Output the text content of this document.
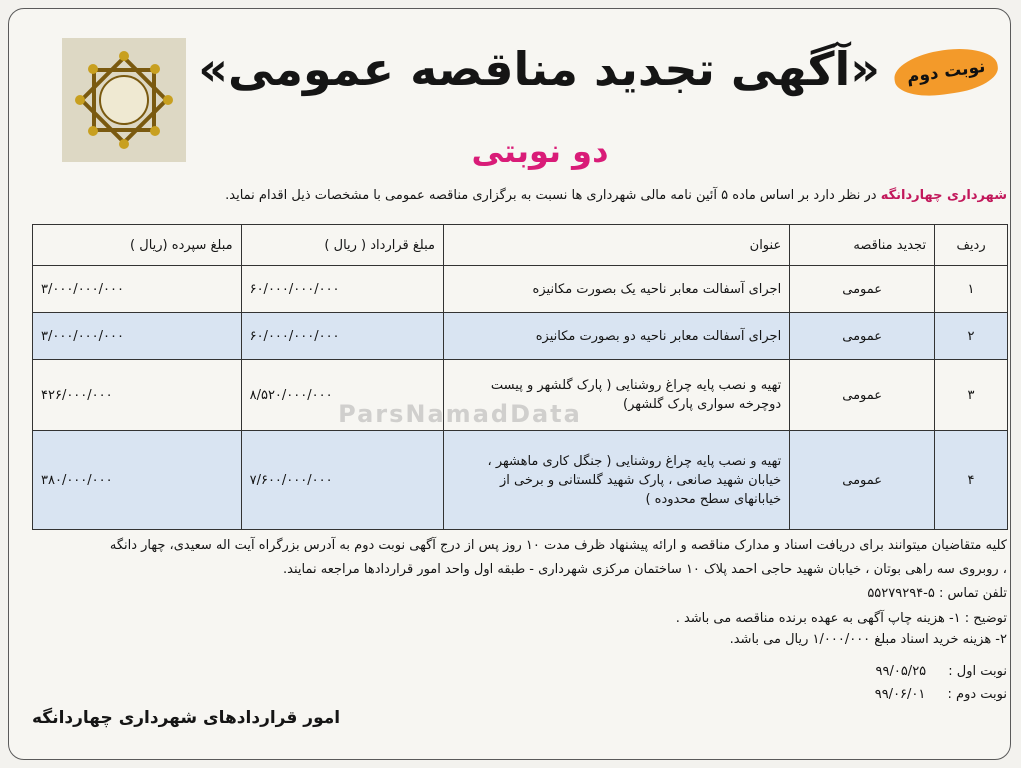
نوبت دوم
«آگهی تجدید مناقصه عمومی»
دو نوبتی
شهرداری چهاردانگه در نظر دارد بر اساس ماده ۵ آئین نامه مالی شهرداری ها نسبت به برگزاری مناقصه عمومی با مشخصات ذیل اقدام نماید.
ردیف	تجدید مناقصه	عنوان	مبلغ قرارداد ( ریال )	مبلغ سپرده (ریال )
۱	عمومی	اجرای آسفالت معابر ناحیه یک بصورت مکانیزه	۶۰/۰۰۰/۰۰۰/۰۰۰	۳/۰۰۰/۰۰۰/۰۰۰
۲	عمومی	اجرای آسفالت معابر ناحیه دو بصورت مکانیزه	۶۰/۰۰۰/۰۰۰/۰۰۰	۳/۰۰۰/۰۰۰/۰۰۰
۳	عمومی	تهیه و نصب پایه چراغ روشنایی ( پارک گلشهر و پیست دوچرخه سواری پارک گلشهر)	۸/۵۲۰/۰۰۰/۰۰۰	۴۲۶/۰۰۰/۰۰۰
۴	عمومی	تهیه و نصب پایه چراغ روشنایی ( جنگل کاری ماهشهر ، خیابان شهید صانعی ، پارک شهید گلستانی و برخی از خیابانهای سطح محدوده )	۷/۶۰۰/۰۰۰/۰۰۰	۳۸۰/۰۰۰/۰۰۰
ParsNamadData

کلیه متقاضیان میتوانند برای دریافت اسناد و مدارک مناقصه و ارائه پیشنهاد ظرف مدت ۱۰ روز پس از درج آگهی نوبت دوم به آدرس بزرگراه آیت اله سعیدی، چهار دانگه

، روبروی سه راهی بوتان ، خیابان شهید حاجی احمد پلاک ۱۰ ساختمان مرکزی شهرداری - طبقه اول واحد امور قراردادها مراجعه نمایند.

تلفن تماس : ۵-۵۵۲۷۹۲۹۴

توضیح : ۱- هزینه چاپ آگهی به عهده برنده مناقصه می باشد .

۲- هزینه خرید اسناد مبلغ ۱/۰۰۰/۰۰۰ ریال می باشد.

نوبت اول : ۹۹/۰۵/۲۵

نوبت دوم : ۹۹/۰۶/۰۱

امور قراردادهای شهرداری چهاردانگه
